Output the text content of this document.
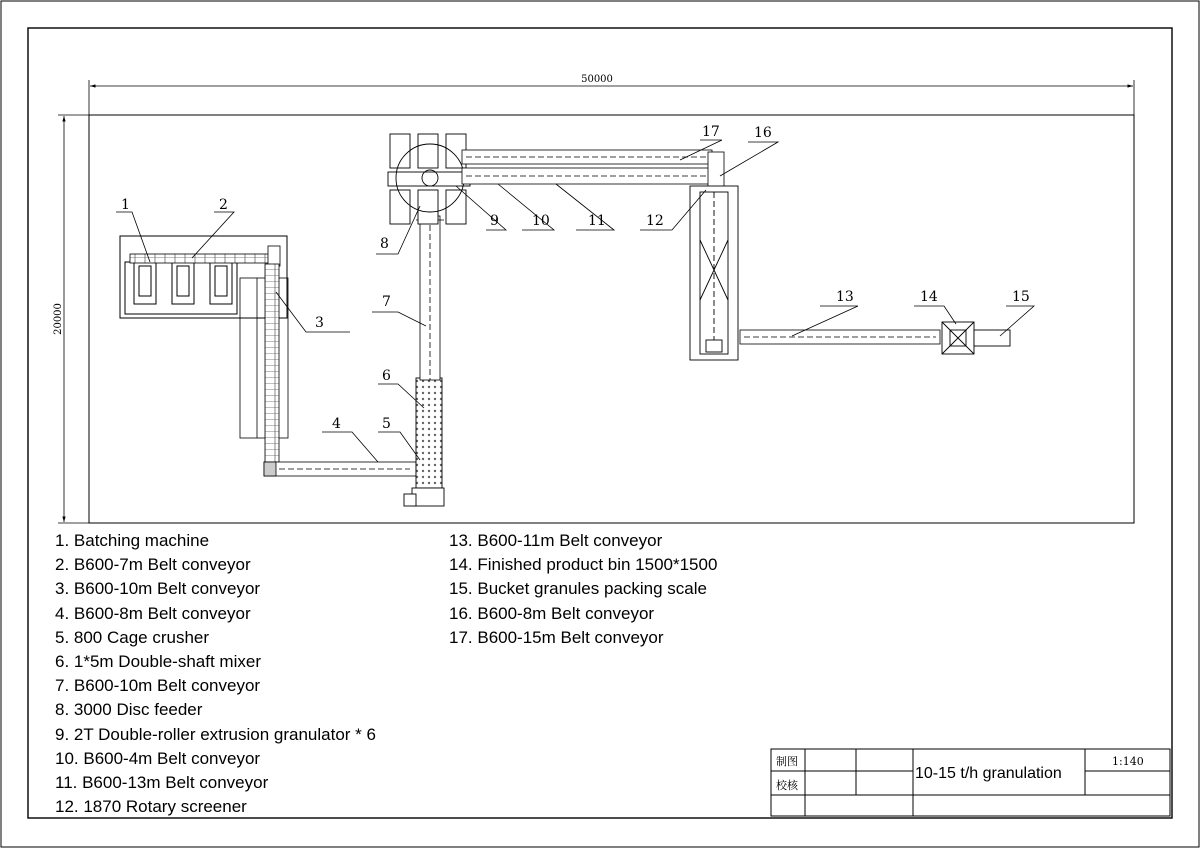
50000
20000
1	2
3
4	5
6
7
8
9 10	11	12
13	14	15
16
17
制图
校核
10-15 t/h granulation
1:140
1. Batching machine
2. B600-7m Belt conveyor
3. B600-10m Belt conveyor
4. B600-8m Belt conveyor
5. 800 Cage crusher
6. 1*5m Double-shaft mixer
7. B600-10m Belt conveyor
8. 3000 Disc feeder
9. 2T Double-roller extrusion granulator * 6
10. B600-4m Belt conveyor
11. B600-13m Belt conveyor
12. 1870 Rotary screener
13. B600-11m Belt conveyor
14. Finished product bin 1500*1500
15. Bucket granules packing scale
16. B600-8m Belt conveyor
17. B600-15m Belt conveyor
